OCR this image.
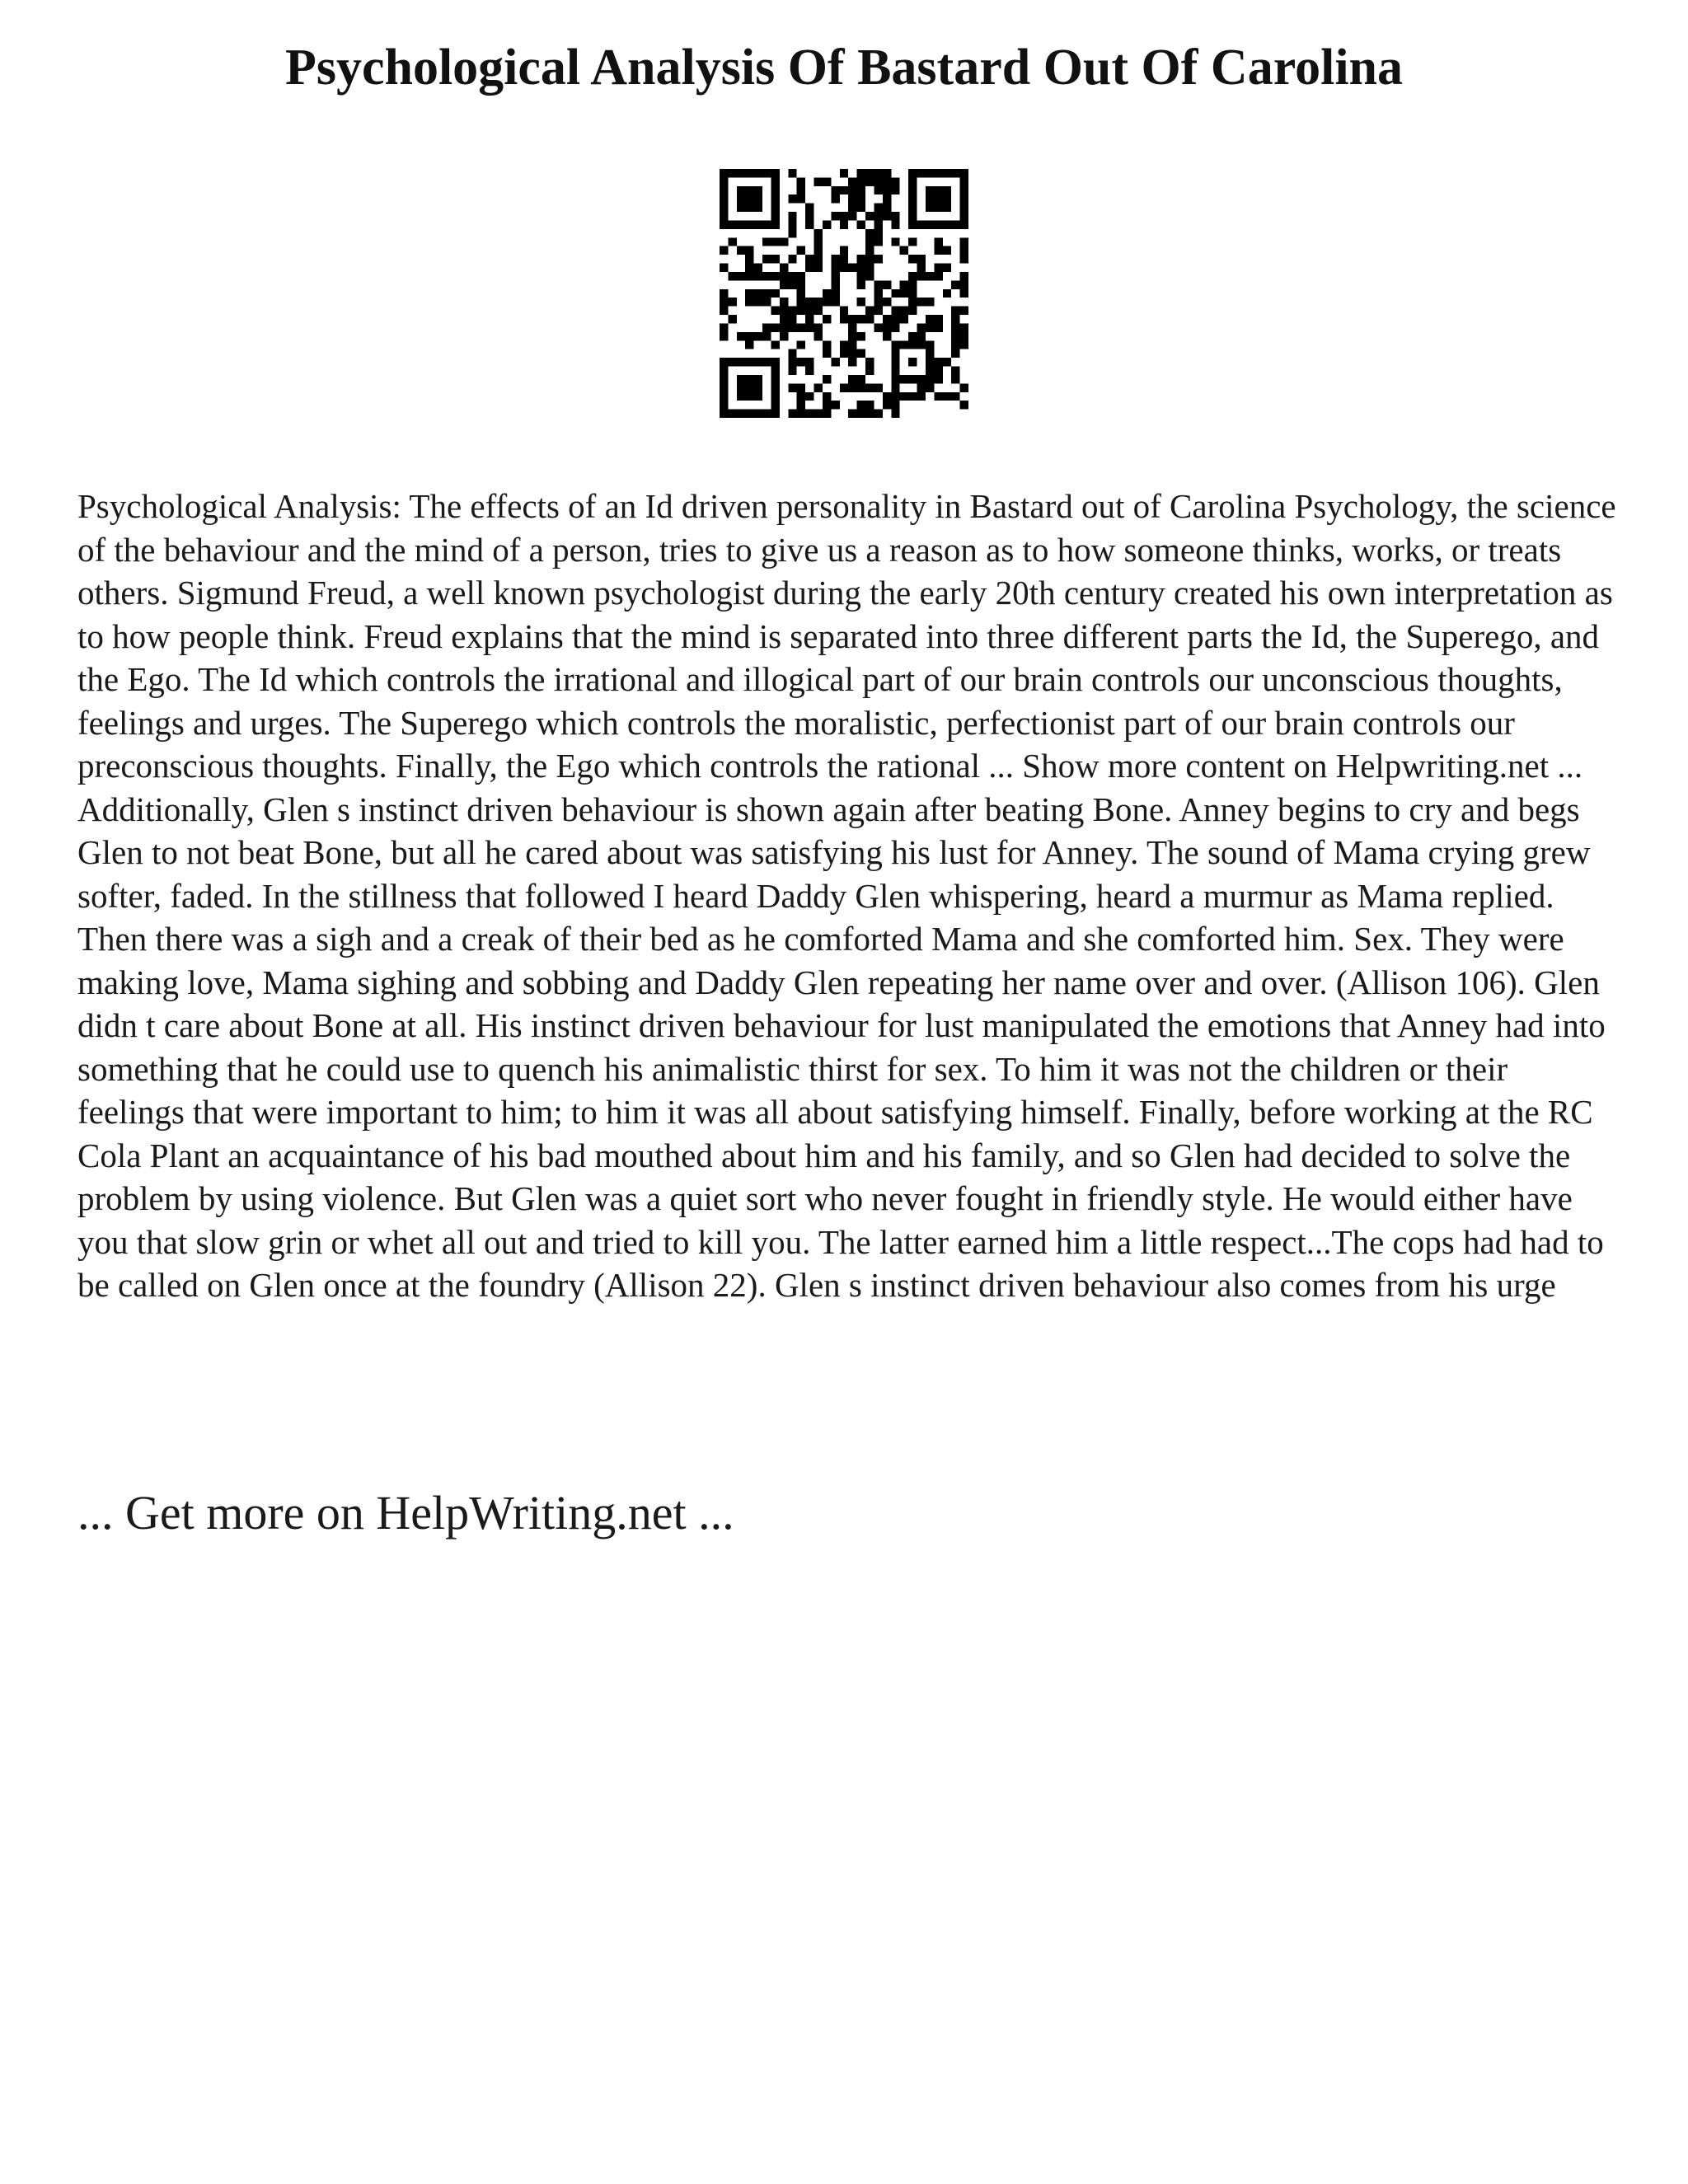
Psychological Analysis Of Bastard Out Of Carolina

Psychological Analysis: The effects of an Id driven personality in Bastard out of Carolina Psychology, the science of the behaviour and the mind of a person, tries to give us a reason as to how someone thinks, works, or treats others. Sigmund Freud, a well known psychologist during the early 20th century created his own interpretation as to how people think. Freud explains that the mind is separated into three different parts the Id, the Superego, and the Ego. The Id which controls the irrational and illogical part of our brain controls our unconscious thoughts, feelings and urges. The Superego which controls the moralistic, perfectionist part of our brain controls our preconscious thoughts. Finally, the Ego which controls the rational ... Show more content on Helpwriting.net ... Additionally, Glen s instinct driven behaviour is shown again after beating Bone. Anney begins to cry and begs Glen to not beat Bone, but all he cared about was satisfying his lust for Anney. The sound of Mama crying grew softer, faded. In the stillness that followed I heard Daddy Glen whispering, heard a murmur as Mama replied. Then there was a sigh and a creak of their bed as he comforted Mama and she comforted him. Sex. They were making love, Mama sighing and sobbing and Daddy Glen repeating her name over and over. (Allison 106). Glen didn t care about Bone at all. His instinct driven behaviour for lust manipulated the emotions that Anney had into something that he could use to quench his animalistic thirst for sex. To him it was not the children or their feelings that were important to him; to him it was all about satisfying himself. Finally, before working at the RC Cola Plant an acquaintance of his bad mouthed about him and his family, and so Glen had decided to solve the problem by using violence. But Glen was a quiet sort who never fought in friendly style. He would either have you that slow grin or whet all out and tried to kill you. The latter earned him a little respect...The cops had had to be called on Glen once at the foundry (Allison 22). Glen s instinct driven behaviour also comes from his urge

... Get more on HelpWriting.net ...
